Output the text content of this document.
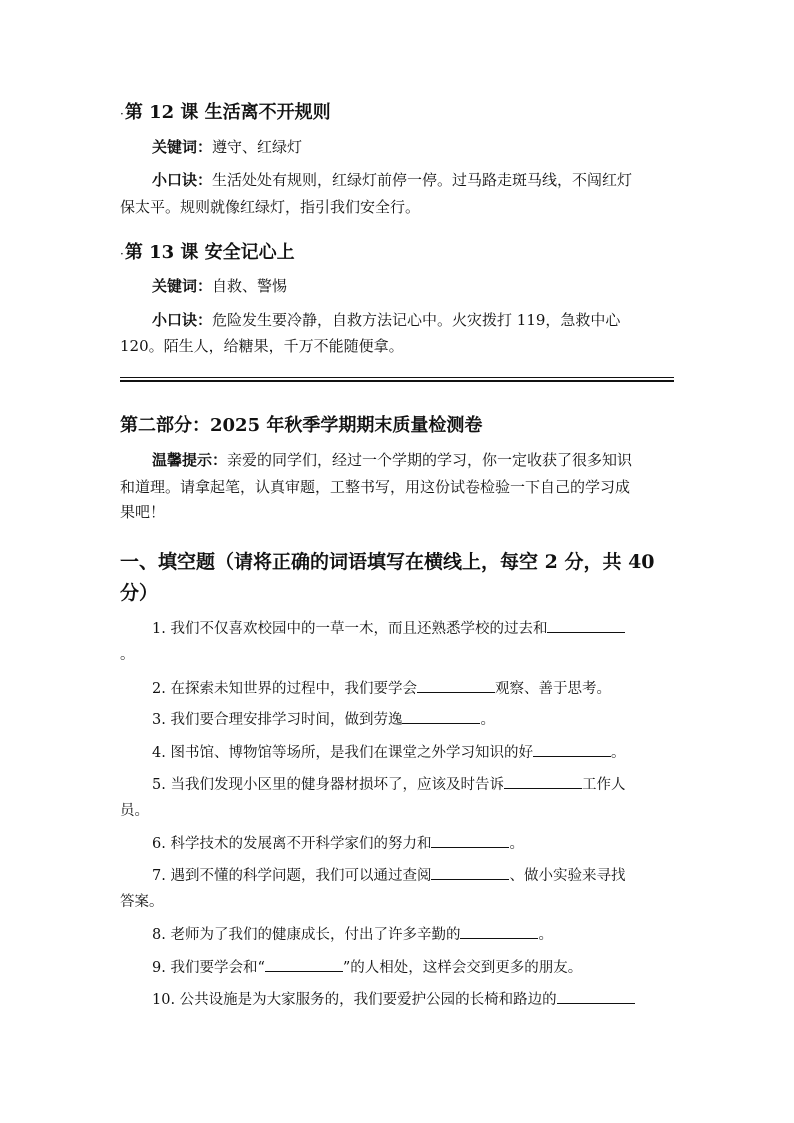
·第 12 课 生活离不开规则
关键词：遵守、红绿灯
小口诀：生活处处有规则，红绿灯前停一停。过马路走斑马线，不闯红灯
保太平。规则就像红绿灯，指引我们安全行。
·第 13 课 安全记心上
关键词：自救、警惕
小口诀：危险发生要冷静，自救方法记心中。火灾拨打 119，急救中心
120。陌生人，给糖果，千万不能随便拿。
第二部分：2025 年秋季学期期末质量检测卷
温馨提示：亲爱的同学们，经过一个学期的学习，你一定收获了很多知识
和道理。请拿起笔，认真审题，工整书写，用这份试卷检验一下自己的学习成
果吧！
一、填空题（请将正确的词语填写在横线上，每空 2 分，共 40
分）
1. 我们不仅喜欢校园中的一草一木，而且还熟悉学校的过去和
。
2. 在探索未知世界的过程中，我们要学会	观察、善于思考。
3. 我们要合理安排学习时间，做到劳逸	。
4. 图书馆、博物馆等场所，是我们在课堂之外学习知识的好	。
5. 当我们发现小区里的健身器材损坏了，应该及时告诉	工作人
员。
6. 科学技术的发展离不开科学家们的努力和	。
7. 遇到不懂的科学问题，我们可以通过查阅	、做小实验来寻找
答案。
8. 老师为了我们的健康成长，付出了许多辛勤的	。
9. 我们要学会和“	”的人相处，这样会交到更多的朋友。
10. 公共设施是为大家服务的，我们要爱护公园的长椅和路边的
